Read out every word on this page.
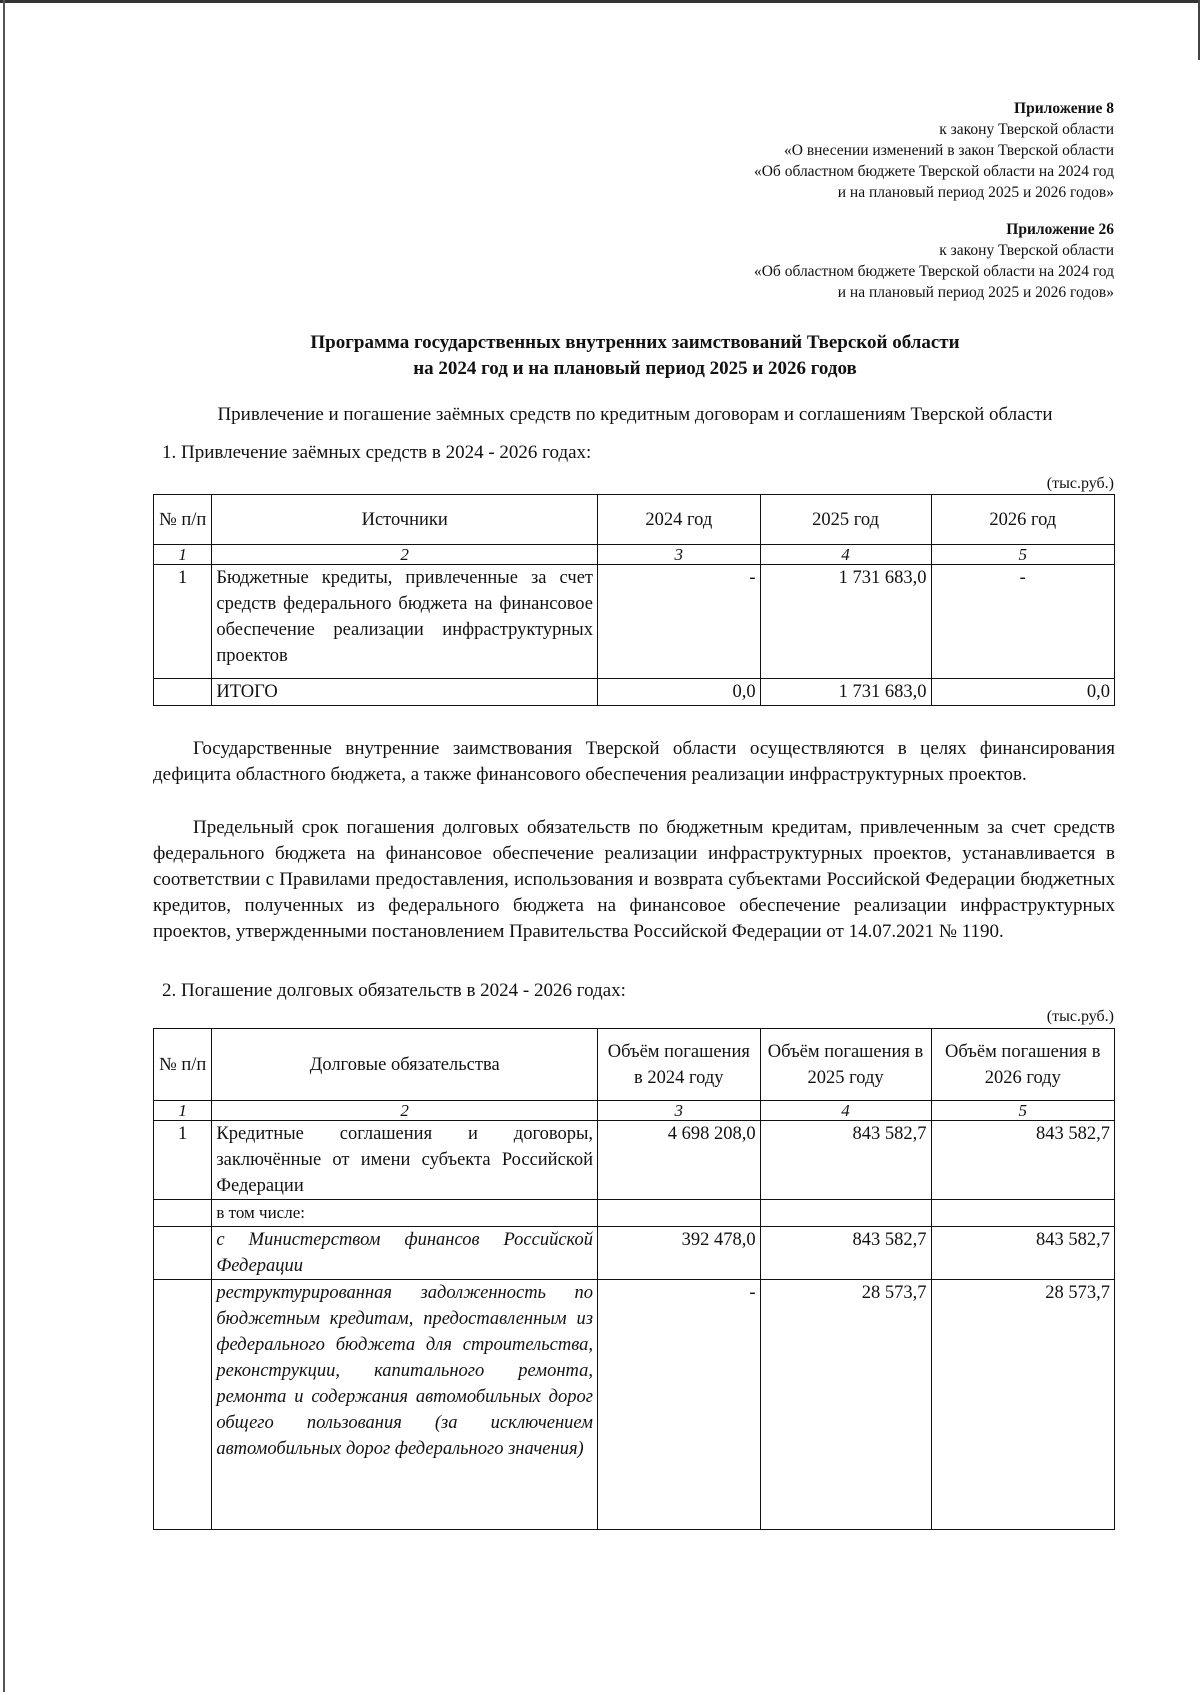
Приложение 8
к закону Тверской области
«О внесении изменений в закон Тверской области
«Об областном бюджете Тверской области на 2024 год
и на плановый период 2025 и 2026 годов»
Приложение 26
к закону Тверской области
«Об областном бюджете Тверской области на 2024 год
и на плановый период 2025 и 2026 годов»
Программа государственных внутренних заимствований Тверской области
на 2024 год и на плановый период 2025 и 2026 годов
Привлечение и погашение заёмных средств по кредитным договорам и соглашениям Тверской области
1. Привлечение заёмных средств в 2024 - 2026 годах:
(тыс.руб.)
№ п/п	Источники	2024 год	2025 год	2026 год
1	2	3	4	5
1	Бюджетные кредиты, привлеченные за счет средств федерального бюджета на финансовое обеспечение реализации инфраструктурных проектов	-	1 731 683,0	-
	ИТОГО	0,0	1 731 683,0	0,0

Государственные внутренние заимствования Тверской области осуществляются в целях финансирования дефицита областного бюджета, а также финансового обеспечения реализации инфраструктурных проектов.

Предельный срок погашения долговых обязательств по бюджетным кредитам, привлеченным за счет средств федерального бюджета на финансовое обеспечение реализации инфраструктурных проектов, устанавливается в соответствии с Правилами предоставления, использования и возврата субъектами Российской Федерации бюджетных кредитов, полученных из федерального бюджета на финансовое обеспечение реализации инфраструктурных проектов, утвержденными постановлением Правительства Российской Федерации от 14.07.2021 № 1190.

2. Погашение долговых обязательств в 2024 - 2026 годах:
(тыс.руб.)
№ п/п	Долговые обязательства	Объём погашения в 2024 году	Объём погашения в 2025 году	Объём погашения в 2026 году
1	2	3	4	5
1	Кредитные соглашения и договоры, заключённые от имени субъекта Российской Федерации	4 698 208,0	843 582,7	843 582,7
	в том числе:			
	с Министерством финансов Российской Федерации	392 478,0	843 582,7	843 582,7
	реструктурированная задолженность по бюджетным кредитам, предоставленным из федерального бюджета для строительства, реконструкции, капитального ремонта, ремонта и содержания автомобильных дорог общего пользования (за исключением автомобильных дорог федерального значения)	-	28 573,7	28 573,7
